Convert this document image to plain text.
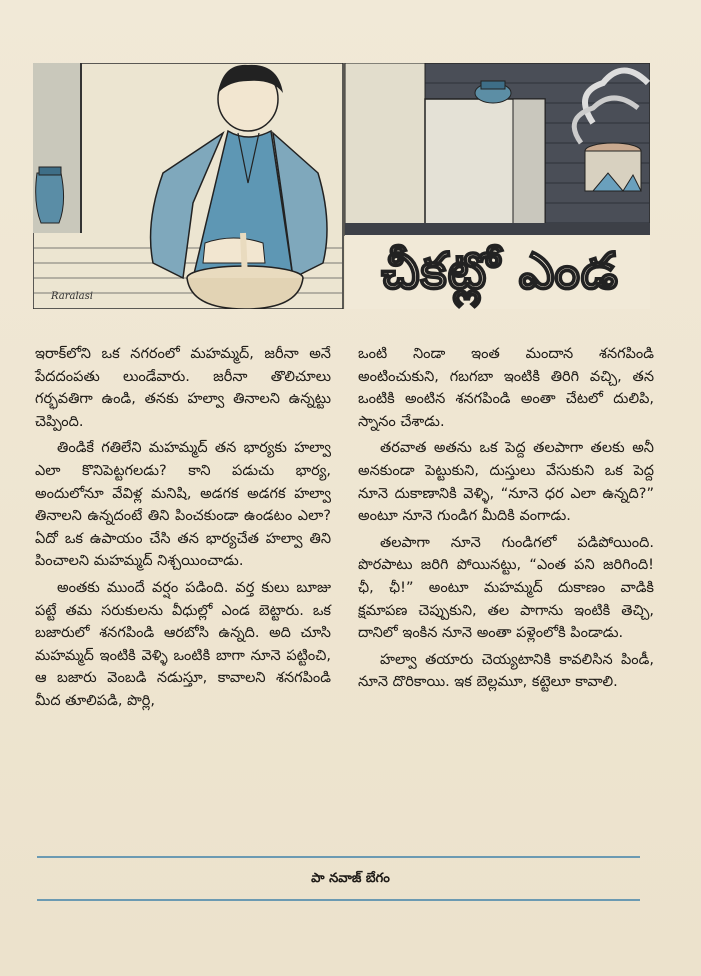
Raralasi	చీకట్లో ఎండ

ఇరాక్‌లోని ఒక నగరంలో మహమ్మద్, జరీనా అనే పేదదంపతు లుండేవారు. జరీనా తొలిచూలు గర్భవతిగా ఉండి, తనకు హల్వా తినాలని ఉన్నట్టు చెప్పింది.

తిండికే గతిలేని మహమ్మద్ తన భార్యకు హల్వా ఎలా కొనిపెట్టగలడు? కాని పడుచు భార్య, అందులోనూ వేవిళ్ల మనిషి, అడగక అడగక హల్వా తినాలని ఉన్నదంటే తిని పించకుండా ఉండటం ఎలా? ఏదో ఒక ఉపాయం చేసి తన భార్యచేత హల్వా తిని పించాలని మహమ్మద్ నిశ్చయించాడు.

అంతకు ముందే వర్షం పడింది. వర్త కులు బూజు పట్టే తమ సరుకులను వీధుల్లో ఎండ బెట్టారు. ఒక బజారులో శనగపిండి ఆరబోసి ఉన్నది. అది చూసి మహమ్మద్ ఇంటికి వెళ్ళి ఒంటికి బాగా నూనె పట్టించి, ఆ బజారు వెంబడి నడుస్తూ, కావాలని శనగపిండి మీద తూలిపడి, పొర్లి,

ఒంటి నిండా ఇంత మందాన శనగపిండి అంటించుకుని, గబగబా ఇంటికి తిరిగి వచ్చి, తన ఒంటికి అంటిన శనగపిండి అంతా చేటలో దులిపి, స్నానం చేశాడు.

తరవాత అతను ఒక పెద్ద తలపాగా తలకు అనీ అనకుండా పెట్టుకుని, దుస్తులు వేసుకుని ఒక పెద్ద నూనె దుకాణానికి వెళ్ళి, “నూనె ధర ఎలా ఉన్నది?” అంటూ నూనె గుండిగ మీదికి వంగాడు.

తలపాగా నూనె గుండిగలో పడిపోయింది. పొరపాటు జరిగి పోయినట్టు, “ఎంత పని జరిగింది! ఛీ, ఛీ!” అంటూ మహమ్మద్ దుకాణం వాడికి క్షమాపణ చెప్పుకుని, తల పాగాను ఇంటికి తెచ్చి, దానిలో ఇంకిన నూనె అంతా పళ్లెంలోకి పిండాడు.

హల్వా తయారు చెయ్యటానికి కావలిసిన పిండీ, నూనె దొరికాయి. ఇక బెల్లమూ, కట్టెలూ కావాలి.

పా నవాజ్ బేగం
